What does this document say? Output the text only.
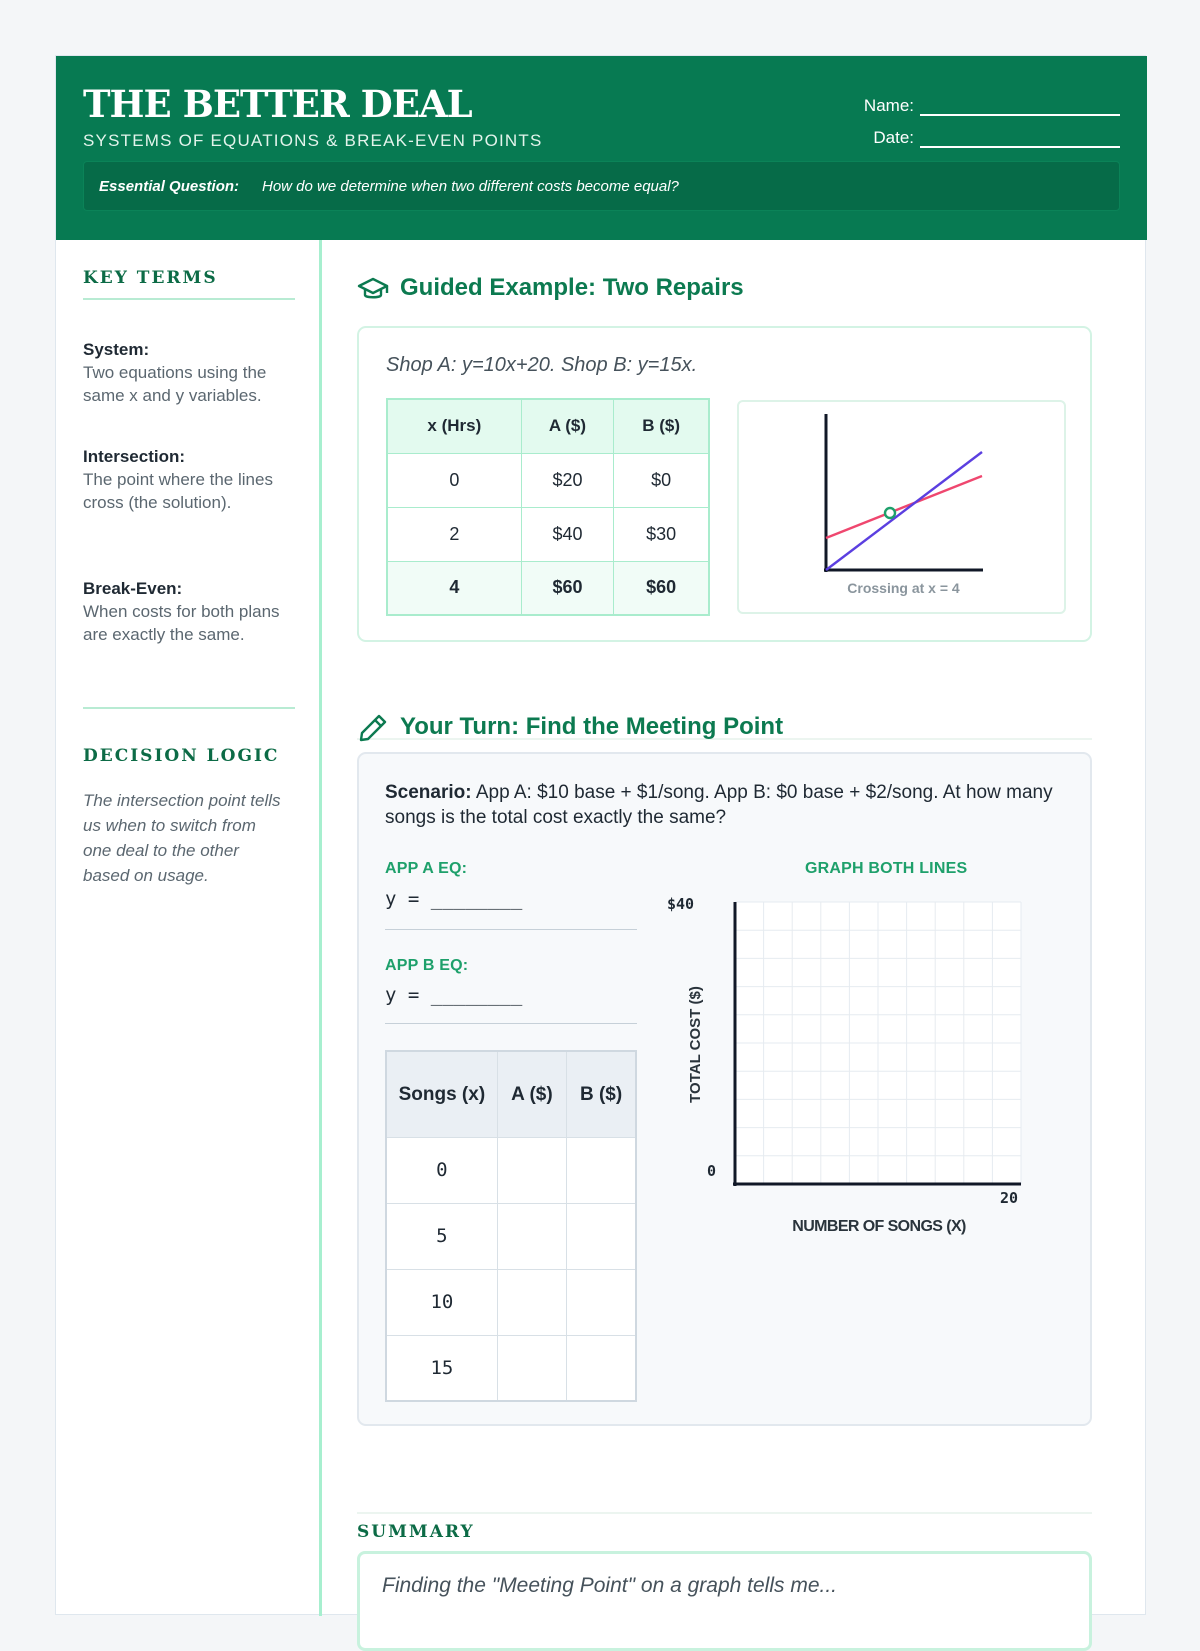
THE BETTER DEAL
SYSTEMS OF EQUATIONS & BREAK-EVEN POINTS
Name:
Date:
Essential Question: How do we determine when two different costs become equal?
KEY TERMS
System:
Two equations using the same x and y variables.
Intersection:
The point where the lines cross (the solution).
Break-Even:
When costs for both plans are exactly the same.
DECISION LOGIC
The intersection point tells us when to switch from one deal to the other based on usage.
Guided Example: Two Repairs
Shop A: y=10x+20. Shop B: y=15x.
x (Hrs)	A ($)	B ($)
0	$20	$0
2	$40	$30
4	$60	$60	Crossing at x = 4
Your Turn: Find the Meeting Point
Scenario: App A: $10 base + $1/song. App B: $0 base + $2/song. At how many songs is the total cost exactly the same?
APP A EQ:
y = ________
APP B EQ:
y = ________
Songs (x)	A ($)	B ($)
0		
5		
10		
15		
GRAPH BOTH LINES
$40
0
20
TOTAL COST ($)
NUMBER OF SONGS (X)
SUMMARY
Finding the "Meeting Point" on a graph tells me...
